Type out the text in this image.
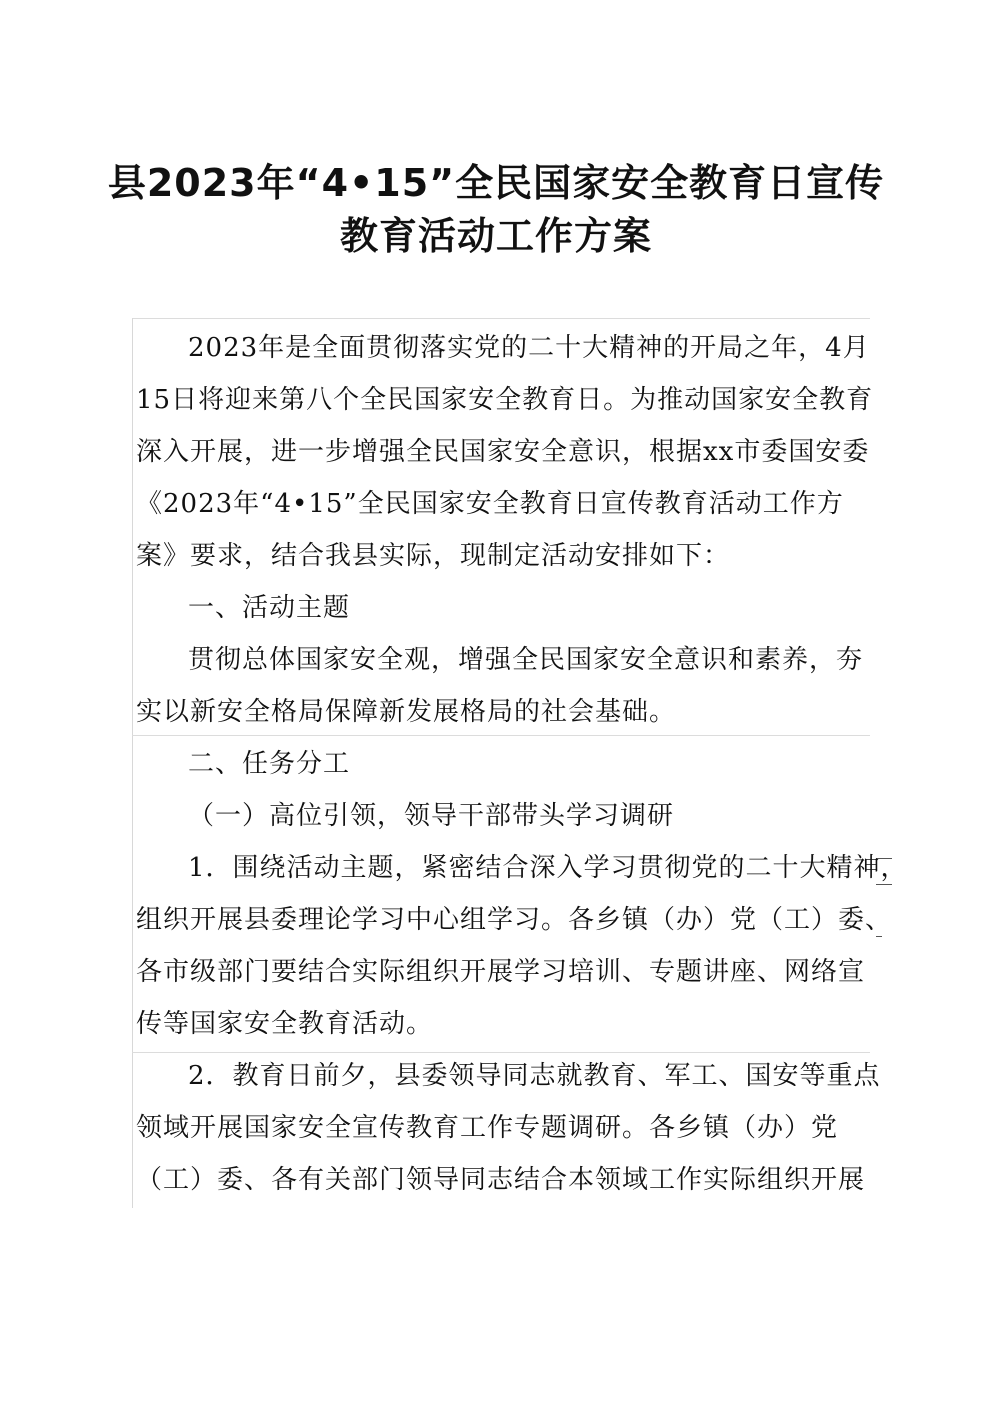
县2023年“4•15”全民国家安全教育日宣传
教育活动工作方案
2023年是全面贯彻落实党的二十大精神的开局之年，4月
15日将迎来第八个全民国家安全教育日。为推动国家安全教育
深入开展，进一步增强全民国家安全意识，根据xx市委国安委
《2023年“4•15”全民国家安全教育日宣传教育活动工作方
案》要求，结合我县实际，现制定活动安排如下：
一、活动主题
贯彻总体国家安全观，增强全民国家安全意识和素养，夯
实以新安全格局保障新发展格局的社会基础。
二、任务分工
（一）高位引领，领导干部带头学习调研
1．围绕活动主题，紧密结合深入学习贯彻党的二十大精神，
组织开展县委理论学习中心组学习。各乡镇（办）党（工）委、
各市级部门要结合实际组织开展学习培训、专题讲座、网络宣
传等国家安全教育活动。
2．教育日前夕，县委领导同志就教育、军工、国安等重点
领域开展国家安全宣传教育工作专题调研。各乡镇（办）党
（工）委、各有关部门领导同志结合本领域工作实际组织开展
